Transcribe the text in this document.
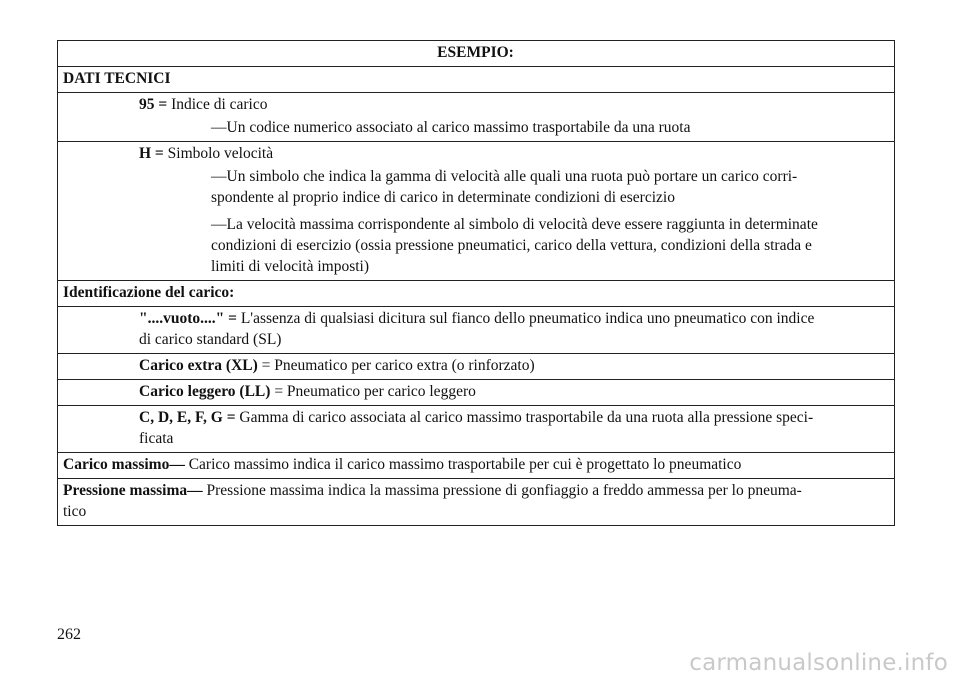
ESEMPIO:
DATI TECNICI
95 = Indice di carico
—Un codice numerico associato al carico massimo trasportabile da una ruota
H = Simbolo velocità
—Un simbolo che indica la gamma di velocità alle quali una ruota può portare un carico corri-
spondente al proprio indice di carico in determinate condizioni di esercizio
—La velocità massima corrispondente al simbolo di velocità deve essere raggiunta in determinate
condizioni di esercizio (ossia pressione pneumatici, carico della vettura, condizioni della strada e
limiti di velocità imposti)
Identificazione del carico:
"....vuoto...." = L'assenza di qualsiasi dicitura sul fianco dello pneumatico indica uno pneumatico con indice
di carico standard (SL)
Carico extra (XL) = Pneumatico per carico extra (o rinforzato)
Carico leggero (LL) = Pneumatico per carico leggero
C, D, E, F, G = Gamma di carico associata al carico massimo trasportabile da una ruota alla pressione speci-
ficata
Carico massimo— Carico massimo indica il carico massimo trasportabile per cui è progettato lo pneumatico
Pressione massima— Pressione massima indica la massima pressione di gonfiaggio a freddo ammessa per lo pneuma-
tico
262
carmanualsonline.info
